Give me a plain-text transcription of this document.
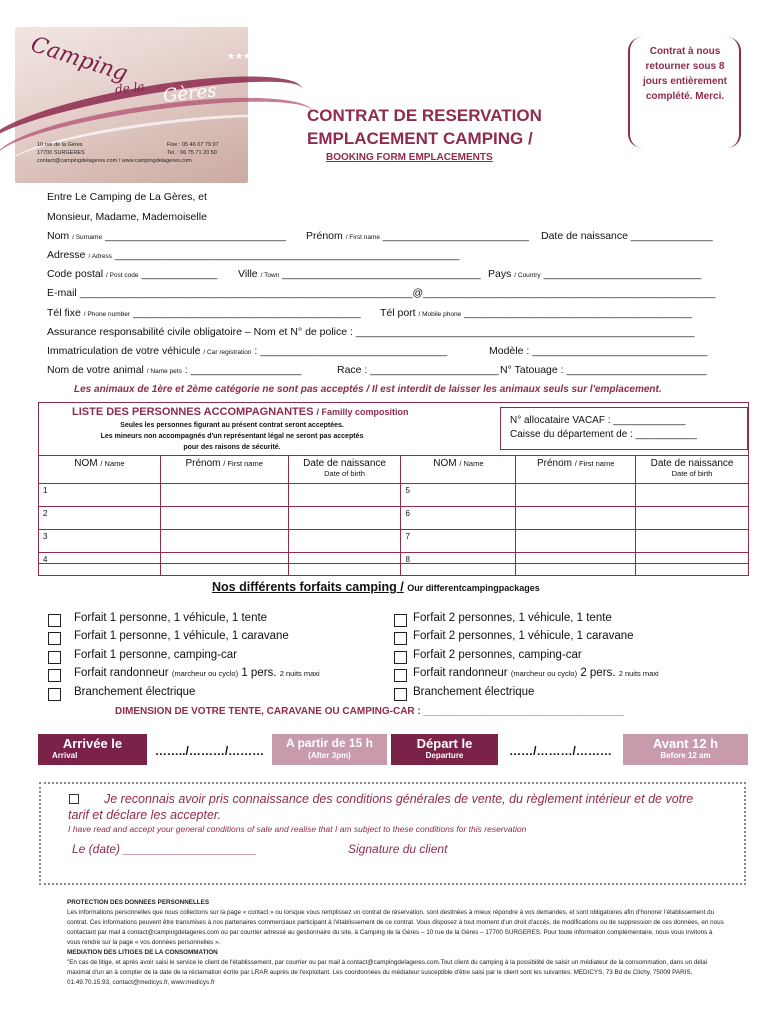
Camping
de la Gères
★★★
10 rue de la Gères
17700 SURGERES
Fixe : 05 46 07 79 97
Tel. : 06 75 71 20 50
contact@campingdelageres.com / www.campingdelageres.com
CONTRAT DE RESERVATION
EMPLACEMENT CAMPING /
BOOKING FORM EMPLACEMENTS
Contrat à nous retourner sous 8 jours entièrement complété. Merci.
Entre Le Camping de La Gères, et
Monsieur, Madame, Mademoiselle
Nom / Surname _______________________________ Prénom / First name _________________________ Date de naissance ______________
Adresse / Adress ___________________________________________________________
Code postal / Post code _____________ Ville / Town __________________________________ Pays / Country ___________________________
E-mail _________________________________________________________@__________________________________________________
Tél fixe / Phone number _______________________________________ Tél port / Mobile phone _______________________________________
Assurance responsabilité civile obligatoire – Nom et N° de police : __________________________________________________________
Immatriculation de votre véhicule / Car registration : ________________________________	Modèle : ______________________________
Nom de votre animal / Name pets : ___________________	Race : ______________________ N° Tatouage : ________________________
Les animaux de 1ère et 2ème catégorie ne sont pas acceptés / Il est interdit de laisser les animaux seuls sur l'emplacement.
LISTE DES PERSONNES ACCOMPAGNANTES / Familly composition
Seules les personnes figurant au présent contrat seront acceptées.
Les mineurs non accompagnés d'un représentant légal ne seront pas acceptés
pour des raisons de sécurité.
N° allocataire VACAF : _____________
Caisse du département de : ___________
NOM / Name	Prénom / First name	Date de naissance
Date of birth	NOM / Name	Prénom / First name	Date de naissance
Date of birth

1			5		
2			6		
3			7		
4			8		
Nos différents forfaits camping / Our differentcampingpackages
Forfait 1 personne, 1 véhicule, 1 tente
Forfait 1 personne, 1 véhicule, 1 caravane
Forfait 1 personne, camping-car
Forfait randonneur (marcheur ou cyclo) 1 pers. 2 nuits maxi
Branchement électrique
Forfait 2 personnes, 1 véhicule, 1 tente
Forfait 2 personnes, 1 véhicule, 1 caravane
Forfait 2 personnes, camping-car
Forfait randonneur (marcheur ou cyclo) 2 pers. 2 nuits maxi
Branchement électrique
DIMENSION DE VOTRE TENTE, CARAVANE OU CAMPING-CAR : ____________________________________
Arrivée le
Arrival	……../………/………
A partir de 15 h
(After 3pm)
Départ le
Departure	……/………/………	Avant 12 h
Before 12 am
Je reconnais avoir pris connaissance des conditions générales de vente, du règlement intérieur et de votre
tarif et déclare les accepter.
I have read and accept your general conditions of sale and realise that I am subject to these conditions for this reservation
Le (date) ____________________	Signature du client
PROTECTION DES DONNEES PERSONNELLES
Les informations personnelles que nous collectons sur la page « contact » ou lorsque vous remplissez un contrat de réservation, sont destinées à mieux répondre à vos demandes, et sont obligatoires afin d'honorer l'établissement du contrat. Ces informations peuvent être transmises à nos partenaires commerciaux participant à l'établissement de ce contrat. Vous disposez à tout moment d'un droit d'accès, de modifications ou de suppression de ces données, en nous contactant par mail à contact@campingdelageres.com ou par courrier adressé au gestionnaire du site, à Camping de la Gères – 10 rue de la Gères – 17700 SURGERES. Pour toute information complémentaire, nous vous invitons à vous rendre sur la page « vos données personnelles ».
MEDIATION DES LITIGES DE LA CONSOMMATION
"En cas de litige, et après avoir saisi le service le client de l'établissement, par courrier ou par mail à contact@campingdelageres.com.Tout client du camping à la possibilité de saisir un médiateur de la consommation, dans un délai maximal d'un an à compter de la date de la réclamation écrite par LRAR auprès de l'exploitant. Les coordonnées du médiateur susceptible d'être saisi par le client sont les suivantes: MEDICYS, 73 Bd de Clichy, 75009 PARIS, 01.49.70.15.93, contact@medicys.fr, www.medicys.fr
